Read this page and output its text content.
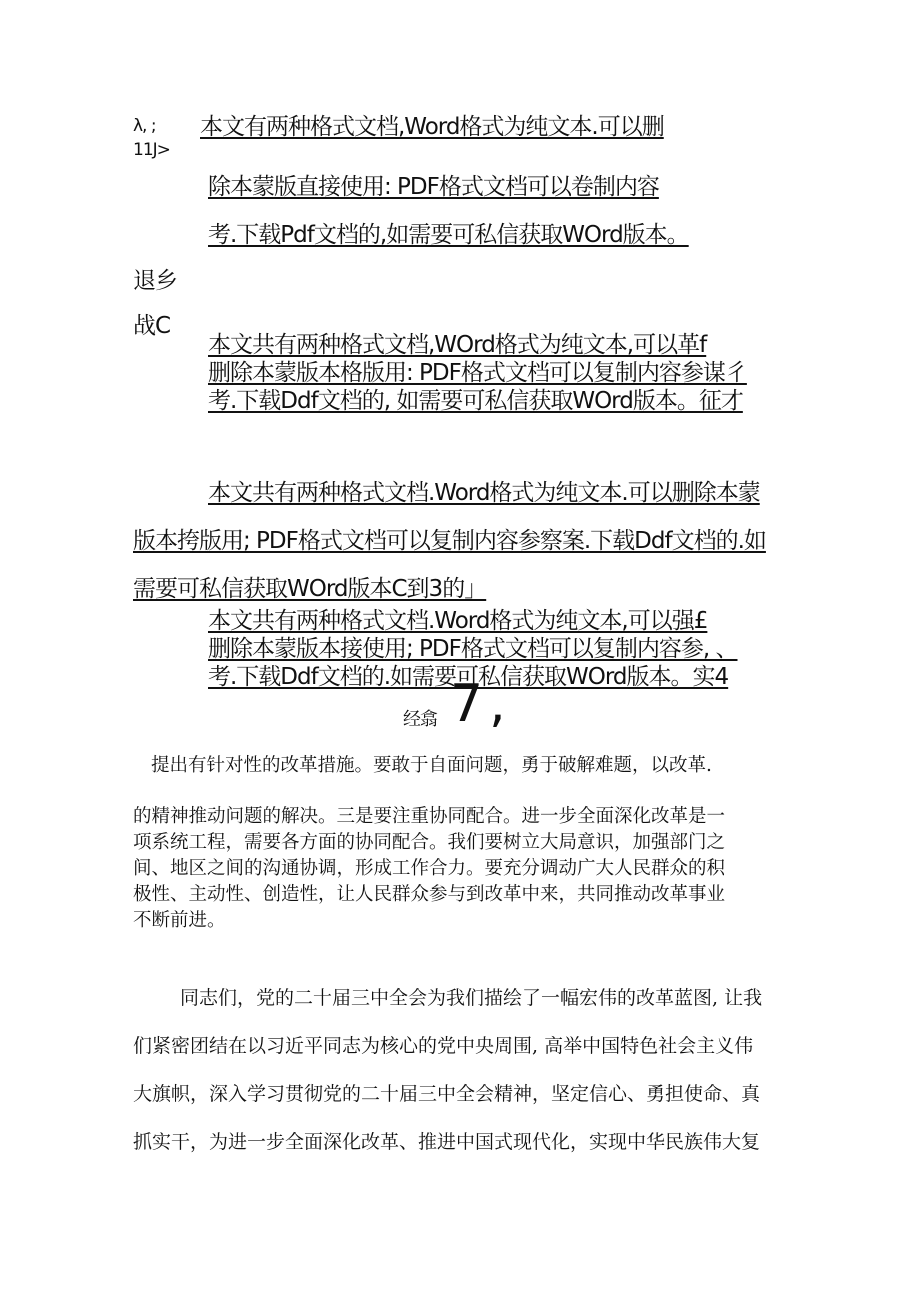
λ, ;
11J>
本文有两种格式文档,Word格式为纯文本.可以删
除本蒙版直接使用: PDF格式文档可以卷制内容
考.下载Pdf文档的,如需要可私信获取WOrd版本。
退乡
战C
本文共有两种格式文档,WOrd格式为纯文本,可以革f
删除本蒙版本格版用: PDF格式文档可以复制内容参谋彳
考.下载Ddf文档的, 如需要可私信获取WOrd版本。征才
本文共有两种格式文档.Word格式为纯文本.可以删除本蒙
版本挎版用; PDF格式文档可以复制内容参察案.下载Ddf文档的.如
需要可私信获取WOrd版本C到3的」
本文共有两种格式文档.Word格式为纯文本,可以强£
删除本蒙版本接使用; PDF格式文档可以复制内容参, 、
考.下载Ddf文档的.如需要可私信获取WOrd版本。实4
经翕 7,
提出有针对性的改革措施。要敢于自面问题，勇于破解难题，以改革.
的精神推动问题的解决。三是要注重协同配合。进一步全面深化改革是一
项系统工程，需要各方面的协同配合。我们要树立大局意识，加强部门之
间、地区之间的沟通协调，形成工作合力。要充分调动广大人民群众的积
极性、主动性、创造性，让人民群众参与到改革中来，共同推动改革事业
不断前进。
同志们，党的二十届三中全会为我们描绘了一幅宏伟的改革蓝图, 让我
们紧密团结在以习近平同志为核心的党中央周围, 高举中国特色社会主义伟
大旗帜，深入学习贯彻党的二十届三中全会精神，坚定信心、勇担使命、真
抓实干，为进一步全面深化改革、推进中国式现代化，实现中华民族伟大复
